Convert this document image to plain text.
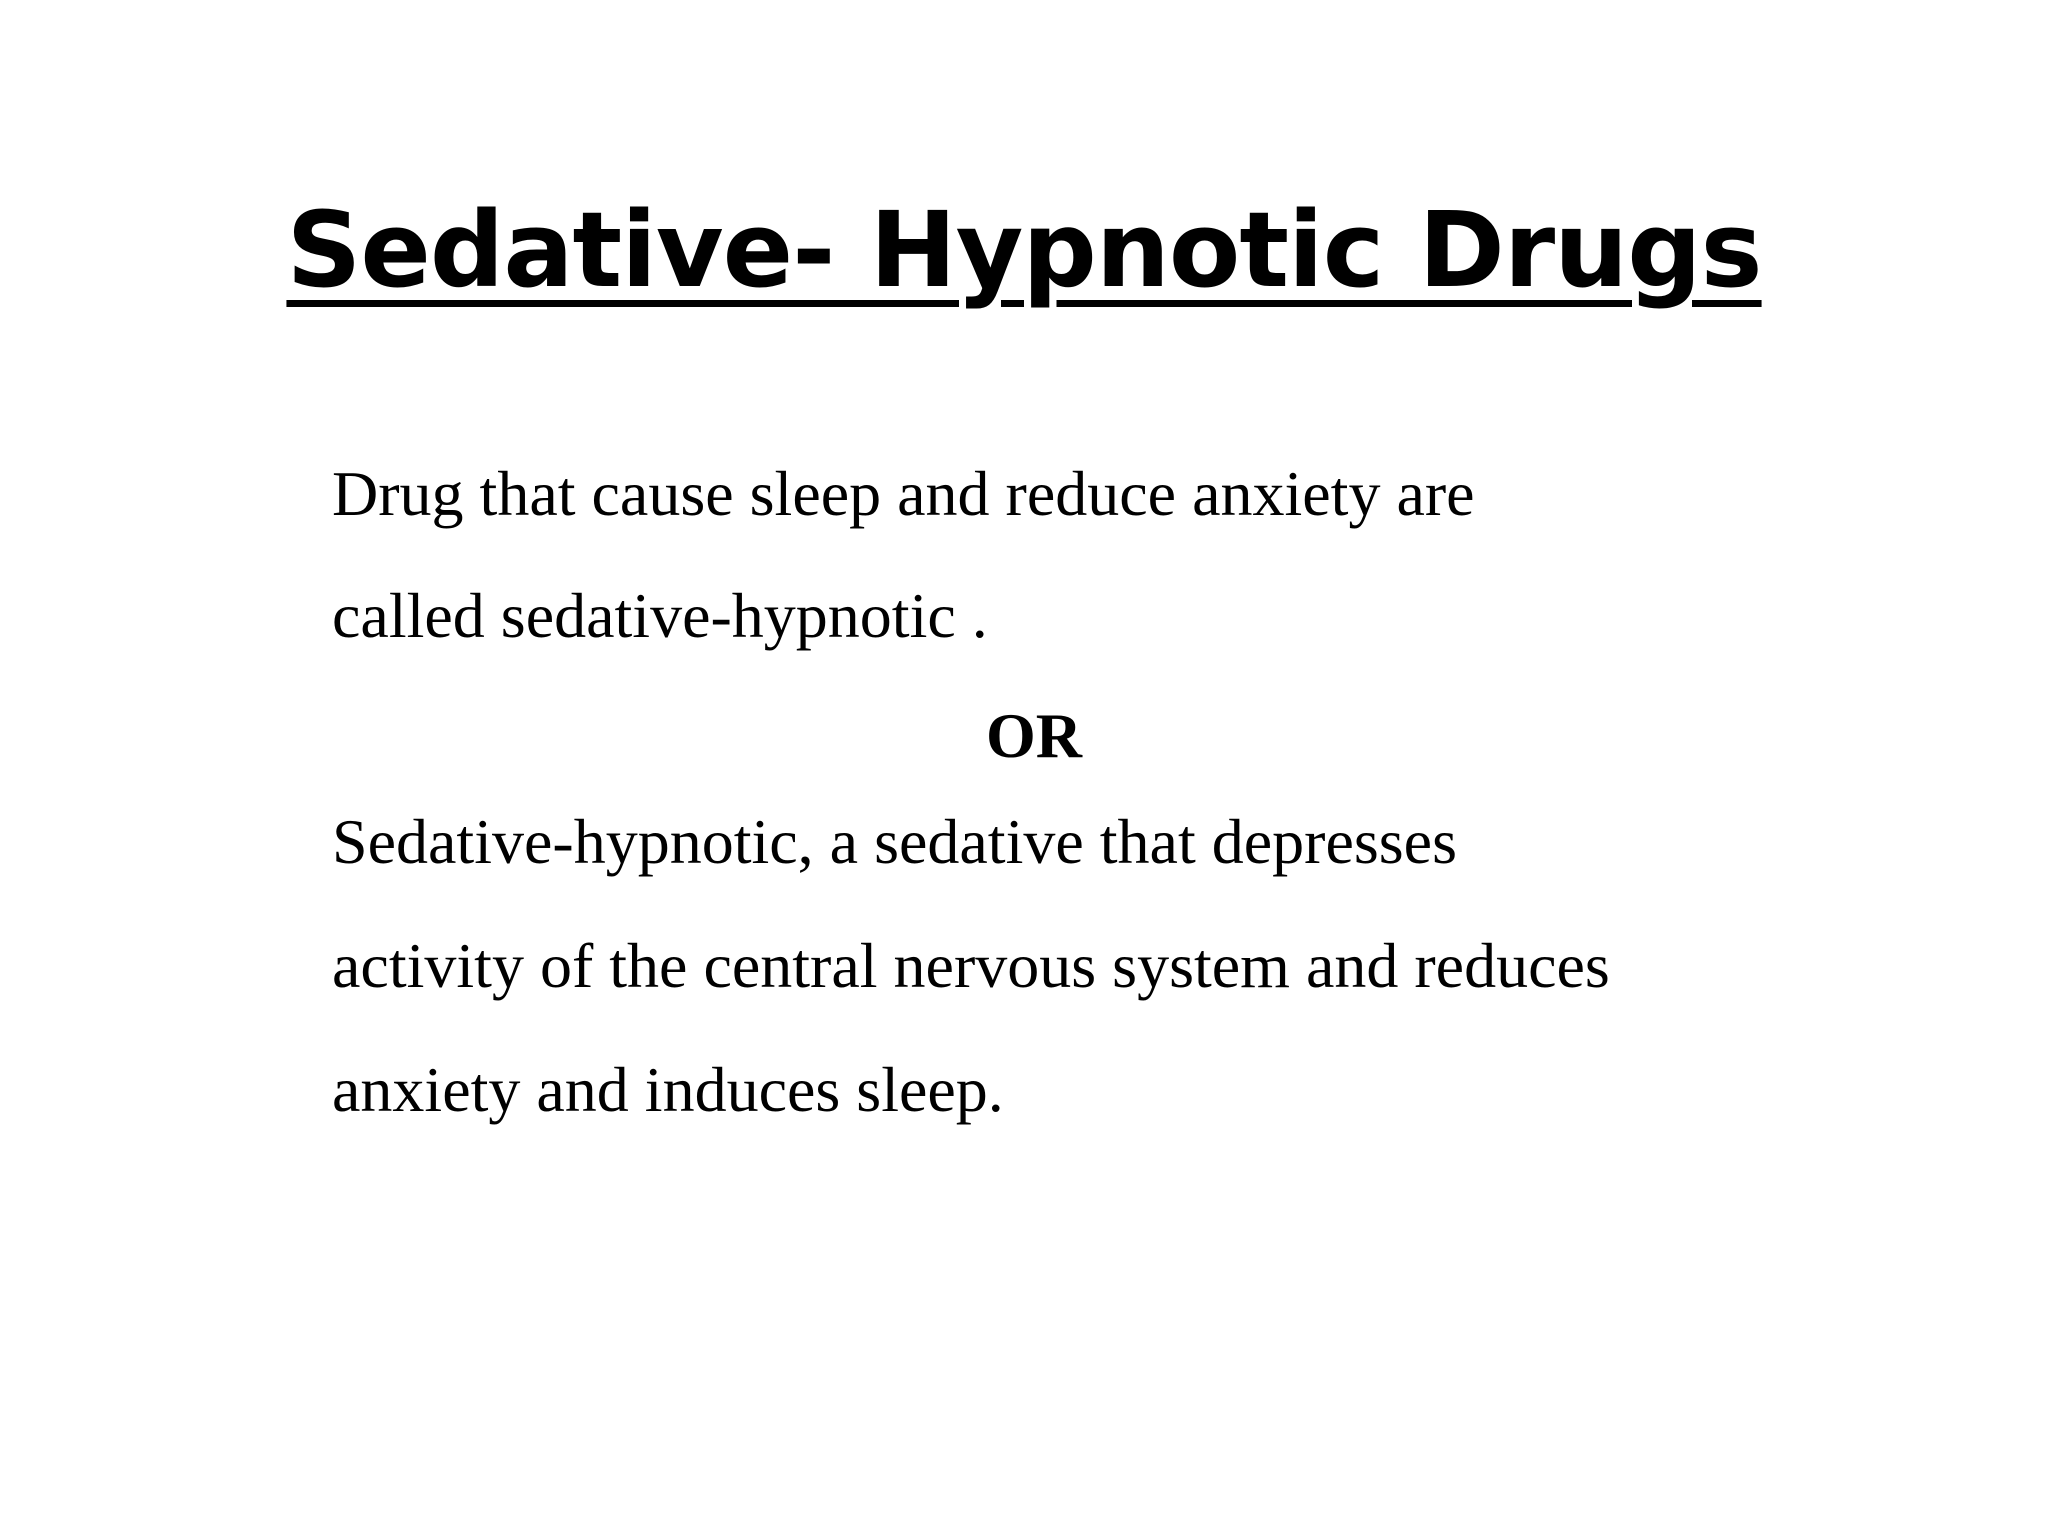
Sedative- Hypnotic Drugs

Drug that cause sleep and reduce anxiety are

called sedative-hypnotic .

OR

Sedative-hypnotic, a sedative that depresses

activity of the central nervous system and reduces

anxiety and induces sleep.
